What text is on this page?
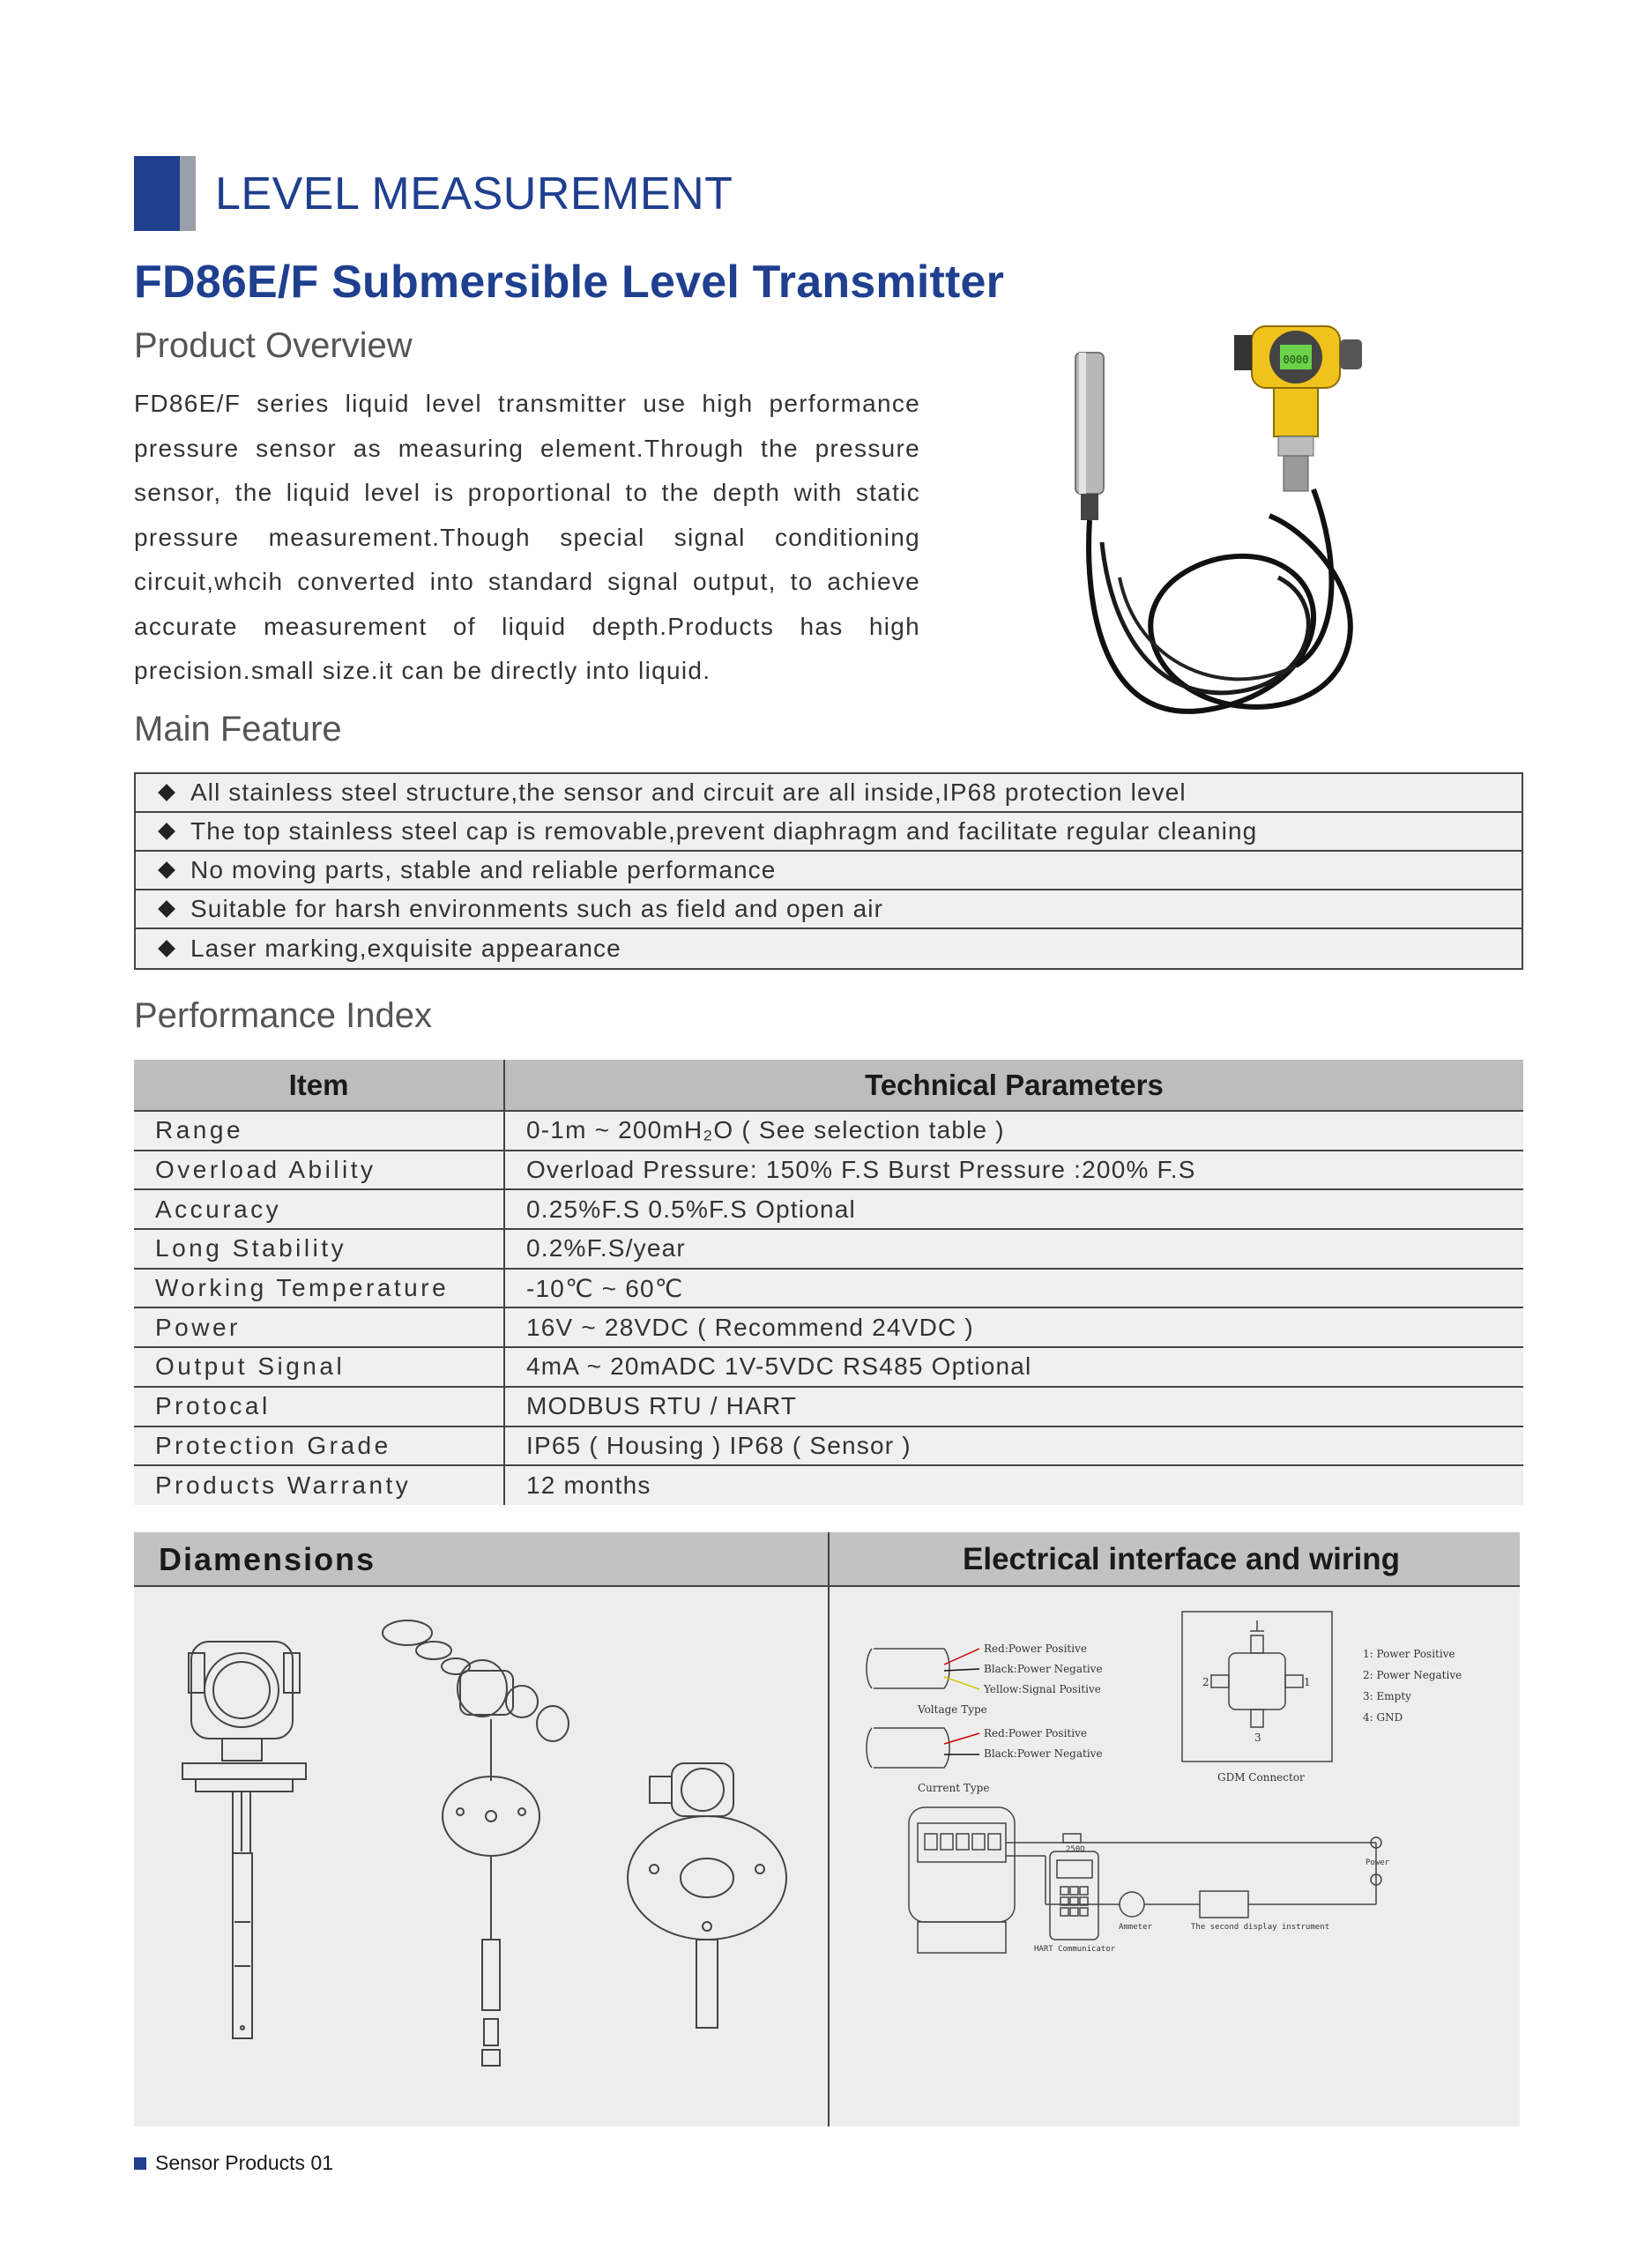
LEVEL MEASUREMENT
FD86E/F Submersible Level Transmitter
Product Overview
FD86E/F series liquid level transmitter use high performance pressure sensor as measuring element.Through the pressure sensor, the liquid level is proportional to the depth with static pressure measurement.Though special signal conditioning circuit,whcih converted into standard signal output, to achieve accurate measurement of liquid depth.Products has high precision.small size.it can be directly into liquid.
0000
Main Feature
All stainless steel structure,the sensor and circuit are all inside,IP68 protection level
The top stainless steel cap is removable,prevent diaphragm and facilitate regular cleaning
No moving parts, stable and reliable performance
Suitable for harsh environments such as field and open air
Laser marking,exquisite appearance
Performance Index
Item	Technical Parameters
Range	0-1m ~ 200mH₂O ( See selection table )
Overload Ability	Overload Pressure: 150% F.S Burst Pressure :200% F.S
Accuracy	0.25%F.S 0.5%F.S Optional
Long Stability	0.2%F.S/year
Working Temperature	-10℃ ~ 60℃
Power	16V ~ 28VDC ( Recommend 24VDC )
Output Signal	4mA ~ 20mADC 1V-5VDC RS485 Optional
Protocal	MODBUS RTU / HART
Protection Grade	IP65 ( Housing ) IP68 ( Sensor )
Products Warranty	12 months
Diamensions	Electrical interface and wiring
Red:Power Positive
Black:Power Negative
Yellow:Signal Positive
Voltage Type
Red:Power Positive
Black:Power Negative
Current Type
1
2
3
GDM Connector
1: Power Positive
2: Power Negative
3: Empty
4: GND
250Ω
Power
Ammeter	The second display instrument
HART Communicator
Sensor Products 01
